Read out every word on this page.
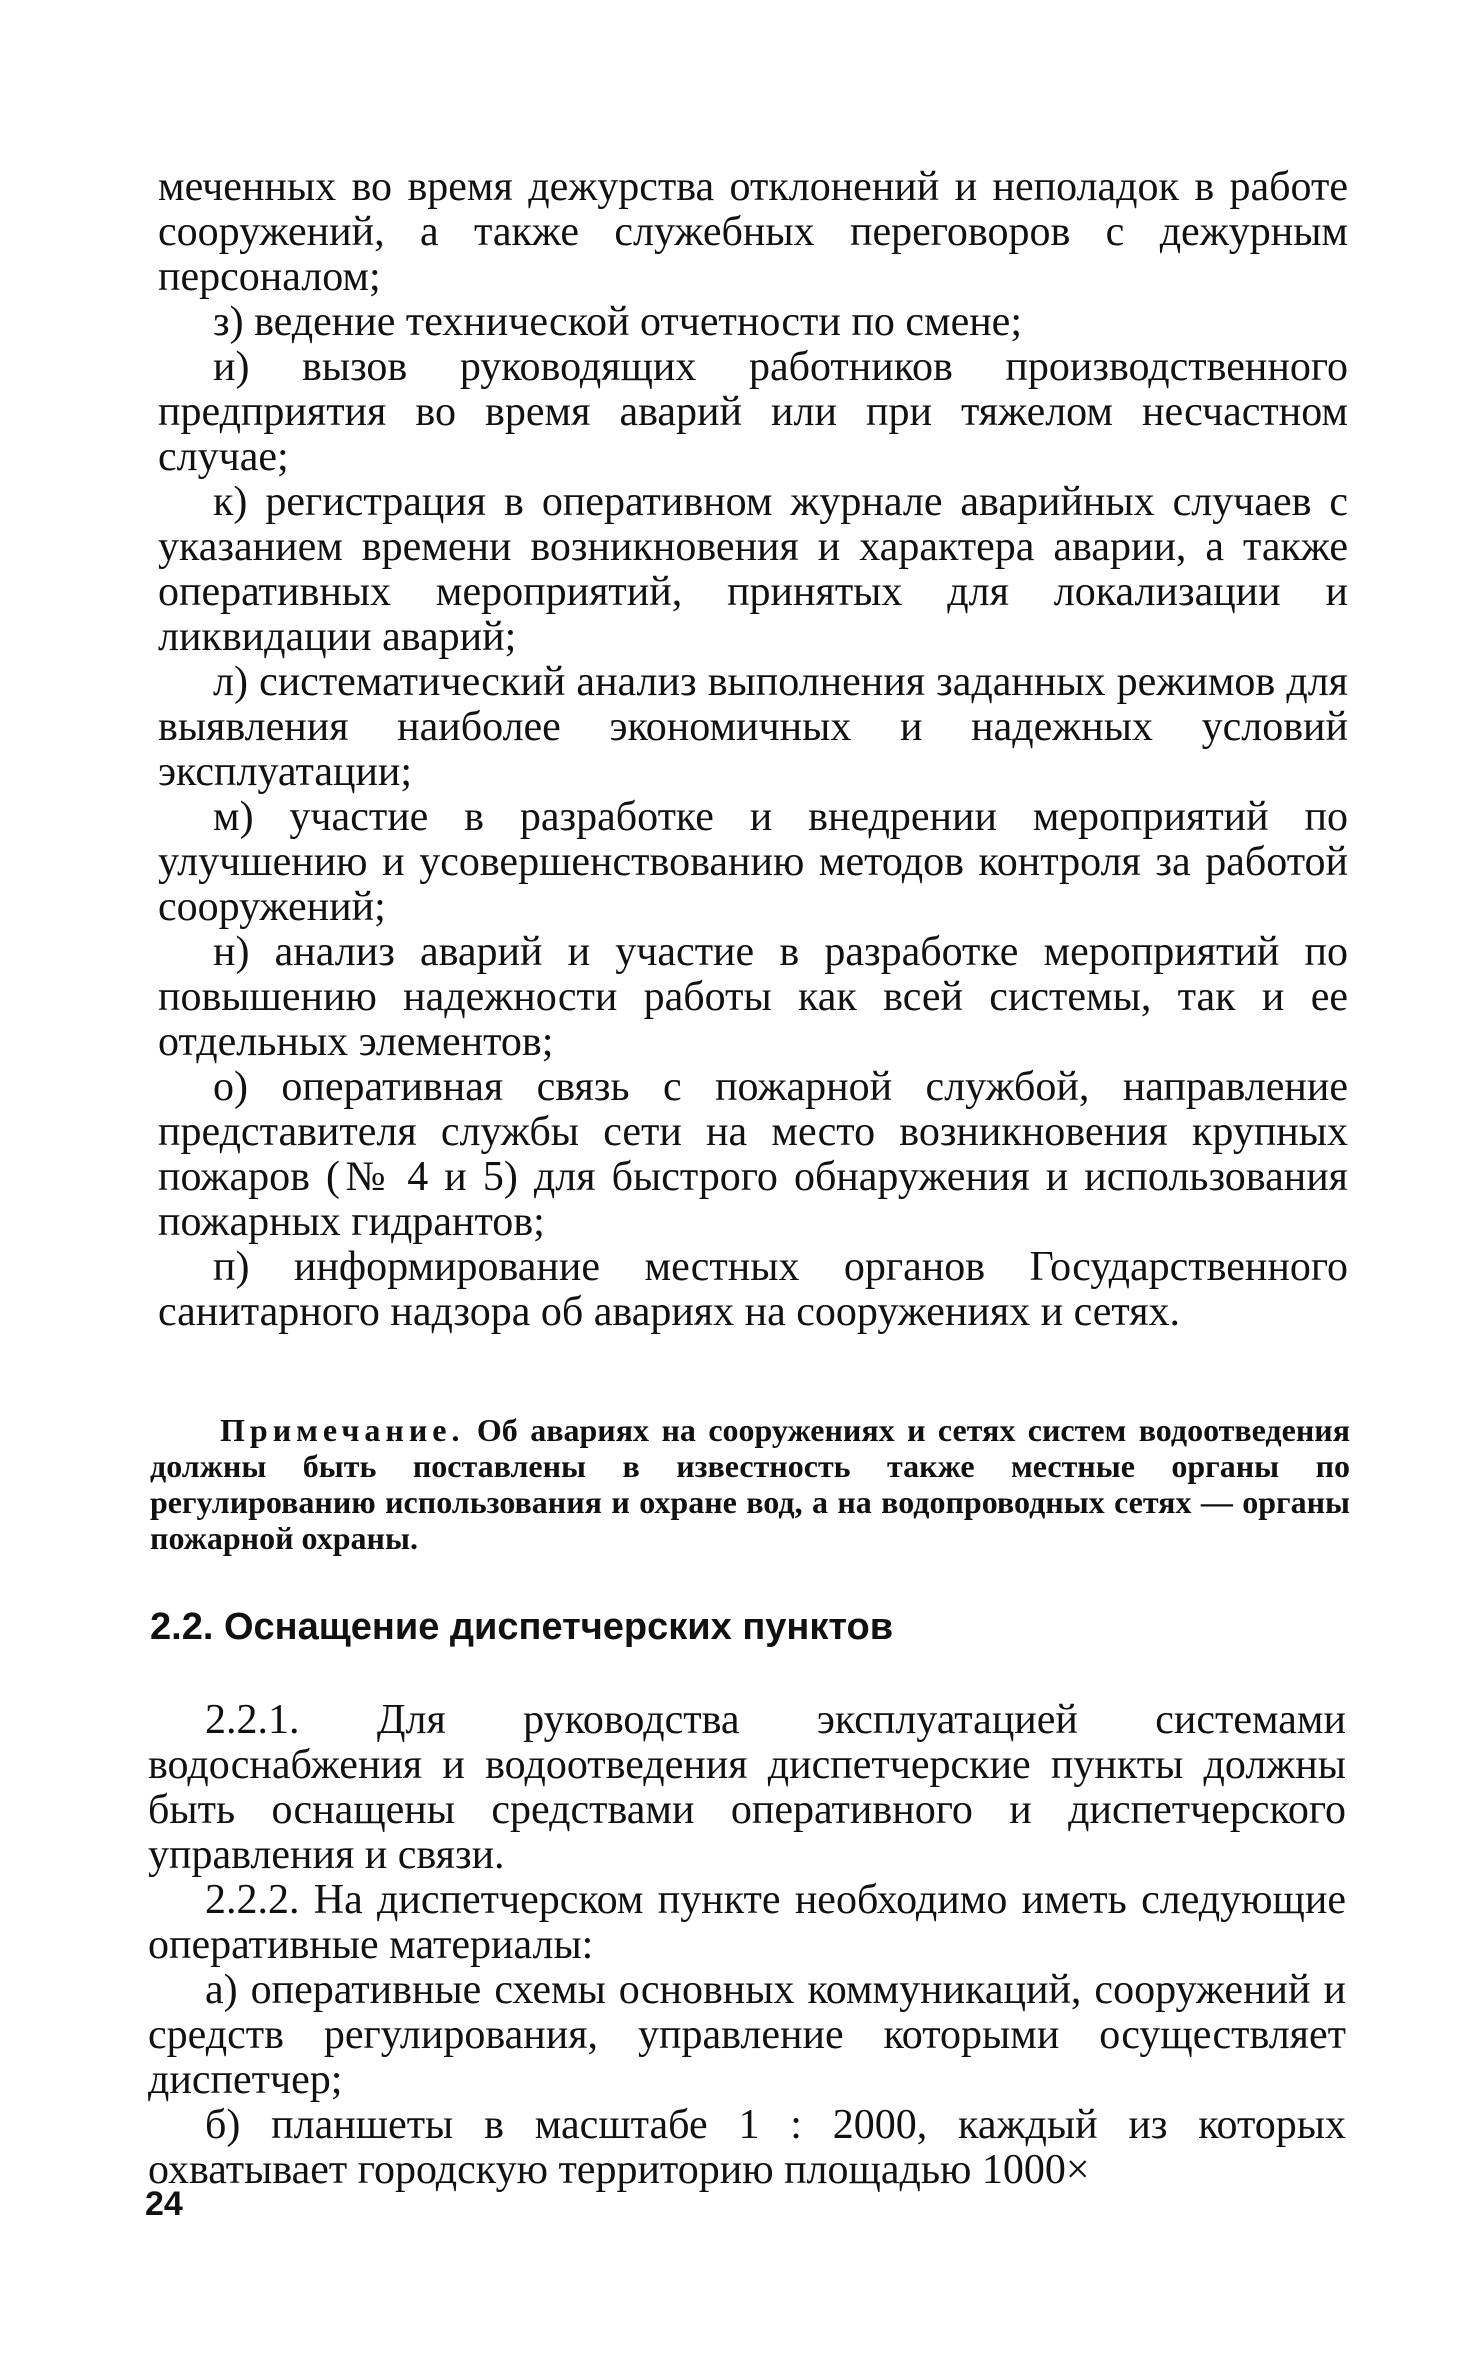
меченных во время дежурства отклонений и неполадок в работе сооружений, а также служебных переговоров с дежурным персоналом;

з) ведение технической отчетности по смене;

и) вызов руководящих работников производственного предприятия во время аварий или при тяжелом несчастном случае;

к) регистрация в оперативном журнале аварийных случаев с указанием времени возникновения и характера аварии, а также оперативных мероприятий, принятых для локализации и ликвидации аварий;

л) систематический анализ выполнения заданных режимов для выявления наиболее экономичных и надежных условий эксплуатации;

м) участие в разработке и внедрении мероприятий по улучшению и усовершенствованию методов контроля за работой сооружений;

н) анализ аварий и участие в разработке мероприятий по повышению надежности работы как всей системы, так и ее отдельных элементов;

о) оперативная связь с пожарной службой, направление представителя службы сети на место возникновения крупных пожаров (№ 4 и 5) для быстрого обнаружения и использования пожарных гидрантов;

п) информирование местных органов Государственного санитарного надзора об авариях на сооружениях и сетях.

Примечание. Об авариях на сооружениях и сетях систем водоотведения должны быть поставлены в известность также местные органы по регулированию использования и охране вод, а на водопроводных сетях — органы пожарной охраны.

2.2. Оснащение диспетчерских пунктов

2.2.1. Для руководства эксплуатацией системами водоснабжения и водоотведения диспетчерские пункты должны быть оснащены средствами оперативного и диспетчерского управления и связи.

2.2.2. На диспетчерском пункте необходимо иметь следующие оперативные материалы:

а) оперативные схемы основных коммуникаций, сооружений и средств регулирования, управление которыми осуществляет диспетчер;

б) планшеты в масштабе 1 : 2000, каждый из которых охватывает городскую территорию площадью 1000×

24
